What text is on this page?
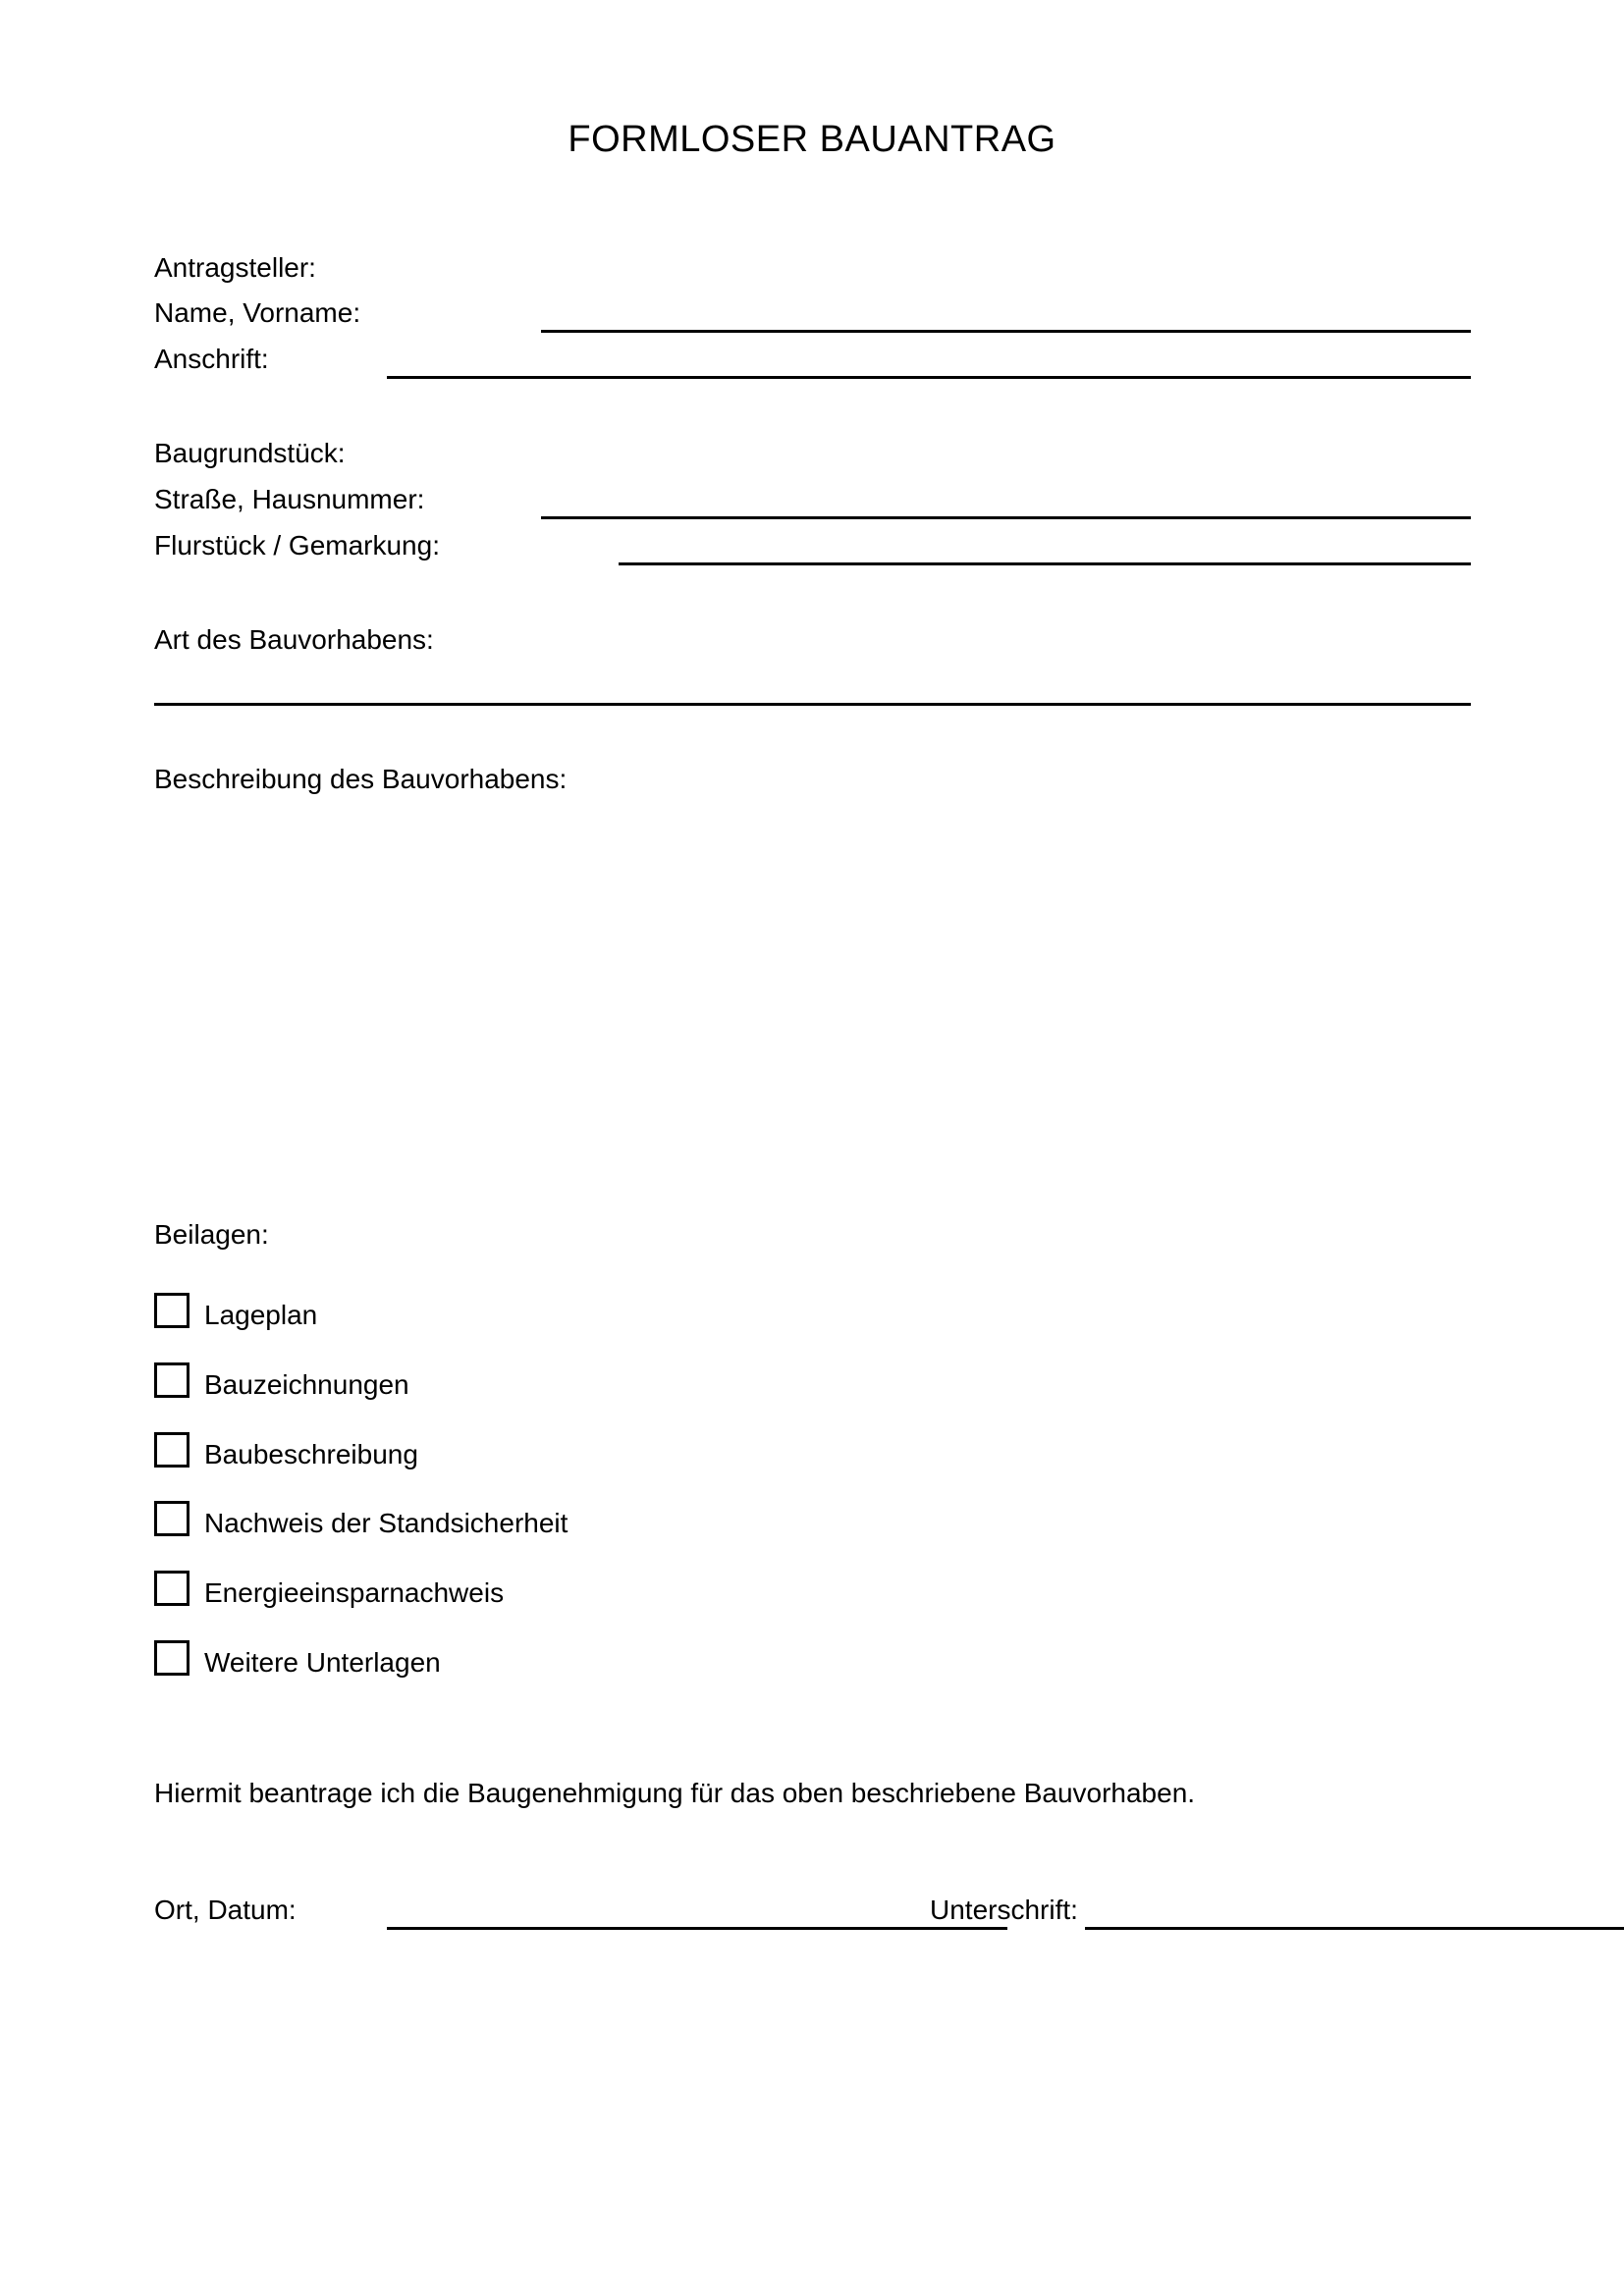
FORMLOSER BAUANTRAG
Antragsteller:
Name, Vorname:
Anschrift:
Baugrundstück:
Straße, Hausnummer:
Flurstück / Gemarkung:
Art des Bauvorhabens:
Beschreibung des Bauvorhabens:
Beilagen:
Lageplan
Bauzeichnungen
Baubeschreibung
Nachweis der Standsicherheit
Energieeinsparnachweis
Weitere Unterlagen
Hiermit beantrage ich die Baugenehmigung für das oben beschriebene Bauvorhaben.
Ort, Datum:	Unterschrift:
